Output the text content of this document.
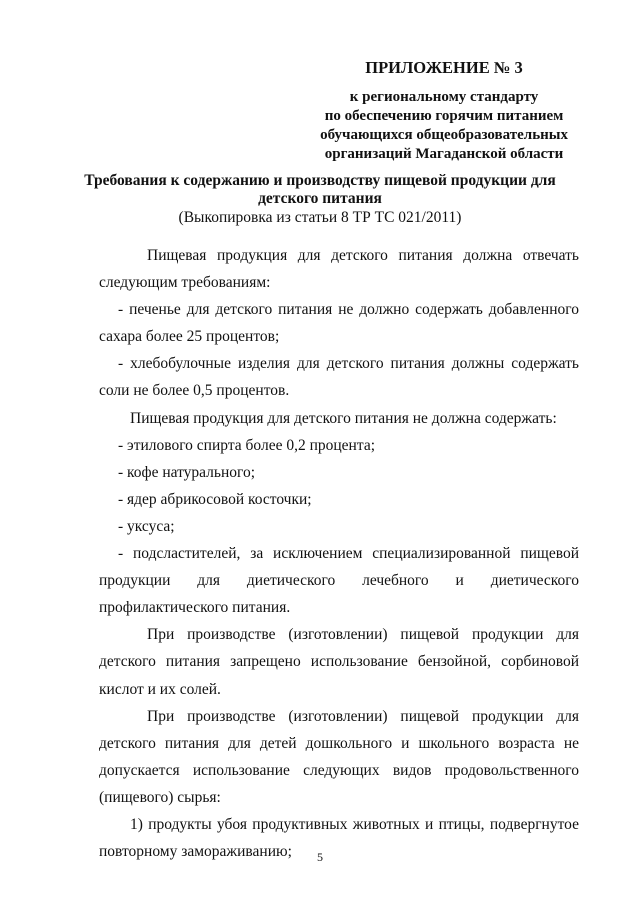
ПРИЛОЖЕНИЕ № 3
к региональному стандарту
по обеспечению горячим питанием
обучающихся общеобразовательных
организаций Магаданской области
Требования к содержанию и производству пищевой продукции для
детского питания
(Выкопировка из статьи 8 ТР ТС 021/2011)

Пищевая продукция для детского питания должна отвечать следующим требованиям:

- печенье для детского питания не должно содержать добавленного сахара более 25 процентов;

- хлебобулочные изделия для детского питания должны содержать соли не более 0,5 процентов.

Пищевая продукция для детского питания не должна содержать:

- этилового спирта более 0,2 процента;

- кофе натурального;

- ядер абрикосовой косточки;

- уксуса;

- подсластителей, за исключением специализированной пищевой продукции для диетического лечебного и диетического профилактического питания.

При производстве (изготовлении) пищевой продукции для детского питания запрещено использование бензойной, сорбиновой кислот и их солей.

При производстве (изготовлении) пищевой продукции для детского питания для детей дошкольного и школьного возраста не допускается использование следующих видов продовольственного (пищевого) сырья:

1) продукты убоя продуктивных животных и птицы, подвергнутое повторному замораживанию;	5
